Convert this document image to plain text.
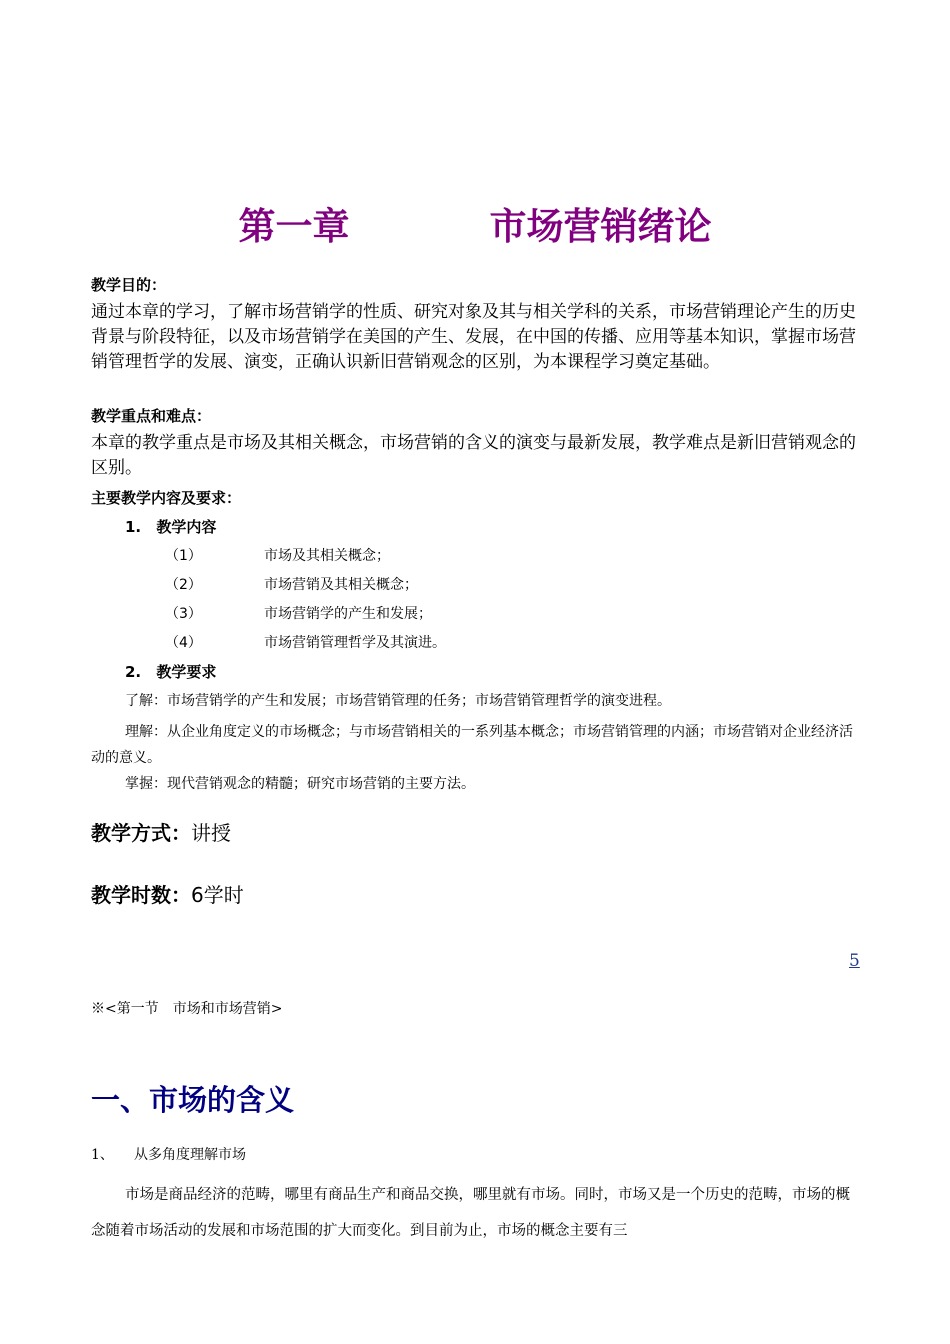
第一章	市场营销绪论
教学目的：
通过本章的学习，了解市场营销学的性质、研究对象及其与相关学科的关系，市场营销理论产生的历史背景与阶段特征，以及市场营销学在美国的产生、发展，在中国的传播、应用等基本知识，掌握市场营销管理哲学的发展、演变，正确认识新旧营销观念的区别，为本课程学习奠定基础。
教学重点和难点：
本章的教学重点是市场及其相关概念，市场营销的含义的演变与最新发展，教学难点是新旧营销观念的区别。
主要教学内容及要求：
1. 教学内容
（1）	市场及其相关概念；
（2）	市场营销及其相关概念；
（3）	市场营销学的产生和发展；
（4）	市场营销管理哲学及其演进。
2. 教学要求
了解：市场营销学的产生和发展；市场营销管理的任务；市场营销管理哲学的演变进程。
理解：从企业角度定义的市场概念；与市场营销相关的一系列基本概念；市场营销管理的内涵；市场营销对企业经济活动的意义。
掌握：现代营销观念的精髓；研究市场营销的主要方法。
教学方式：讲授
教学时数：6学时
5
※<第一节　市场和市场营销>
一、市场的含义
1、 从多角度理解市场
市场是商品经济的范畴，哪里有商品生产和商品交换，哪里就有市场。同时，市场又是一个历史的范畴，市场的概念随着市场活动的发展和市场范围的扩大而变化。到目前为止，市场的概念主要有三
